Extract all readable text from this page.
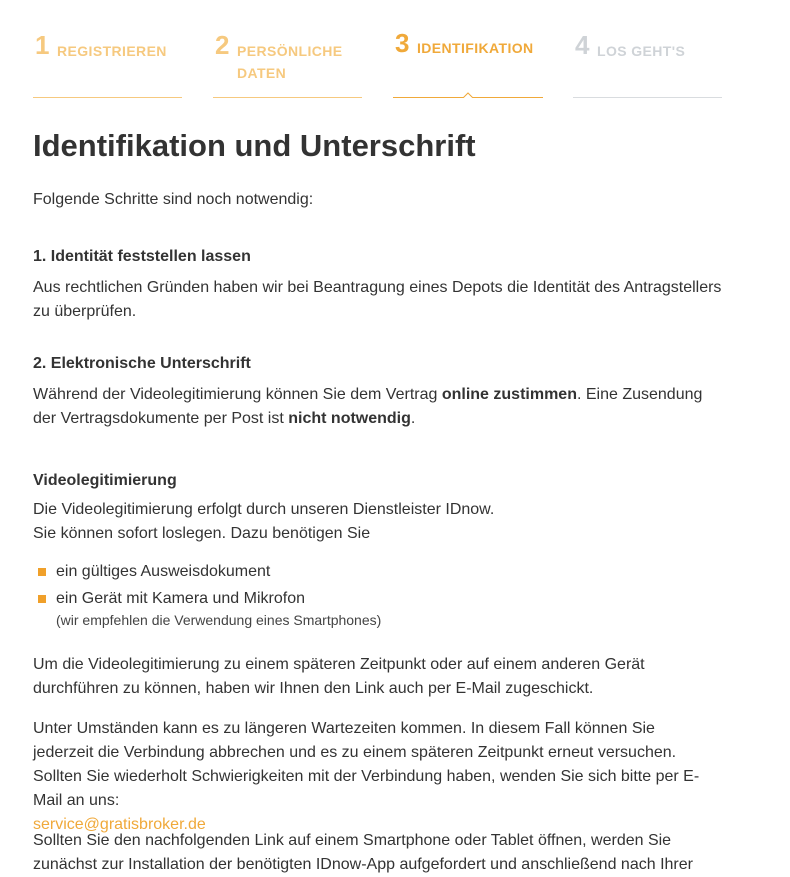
1 REGISTRIEREN 2 PERSÖNLICHE
DATEN
3 IDENTIFIKATION 4 LOS GEHT'S
Identifikation und Unterschrift

Folgende Schritte sind noch notwendig:

1. Identität feststellen lassen

Aus rechtlichen Gründen haben wir bei Beantragung eines Depots die Identität des Antragstellers zu überprüfen.

2. Elektronische Unterschrift

Während der Videolegitimierung können Sie dem Vertrag online zustimmen. Eine Zusendung der Vertragsdokumente per Post ist nicht notwendig.

Videolegitimierung

Die Videolegitimierung erfolgt durch unseren Dienstleister IDnow.

Sie können sofort loslegen. Dazu benötigen Sie

ein gültiges Ausweisdokument
ein Gerät mit Kamera und Mikrofon
(wir empfehlen die Verwendung eines Smartphones)

Um die Videolegitimierung zu einem späteren Zeitpunkt oder auf einem anderen Gerät durchführen zu können, haben wir Ihnen den Link auch per E-Mail zugeschickt.

Unter Umständen kann es zu längeren Wartezeiten kommen. In diesem Fall können Sie jederzeit die Verbindung abbrechen und es zu einem späteren Zeitpunkt erneut versuchen. Sollten Sie wiederholt Schwierigkeiten mit der Verbindung haben, wenden Sie sich bitte per E-Mail an uns:
service@gratisbroker.de

Sollten Sie den nachfolgenden Link auf einem Smartphone oder Tablet öffnen, werden Sie zunächst zur Installation der benötigten IDnow-App aufgefordert und anschließend nach Ihrer
